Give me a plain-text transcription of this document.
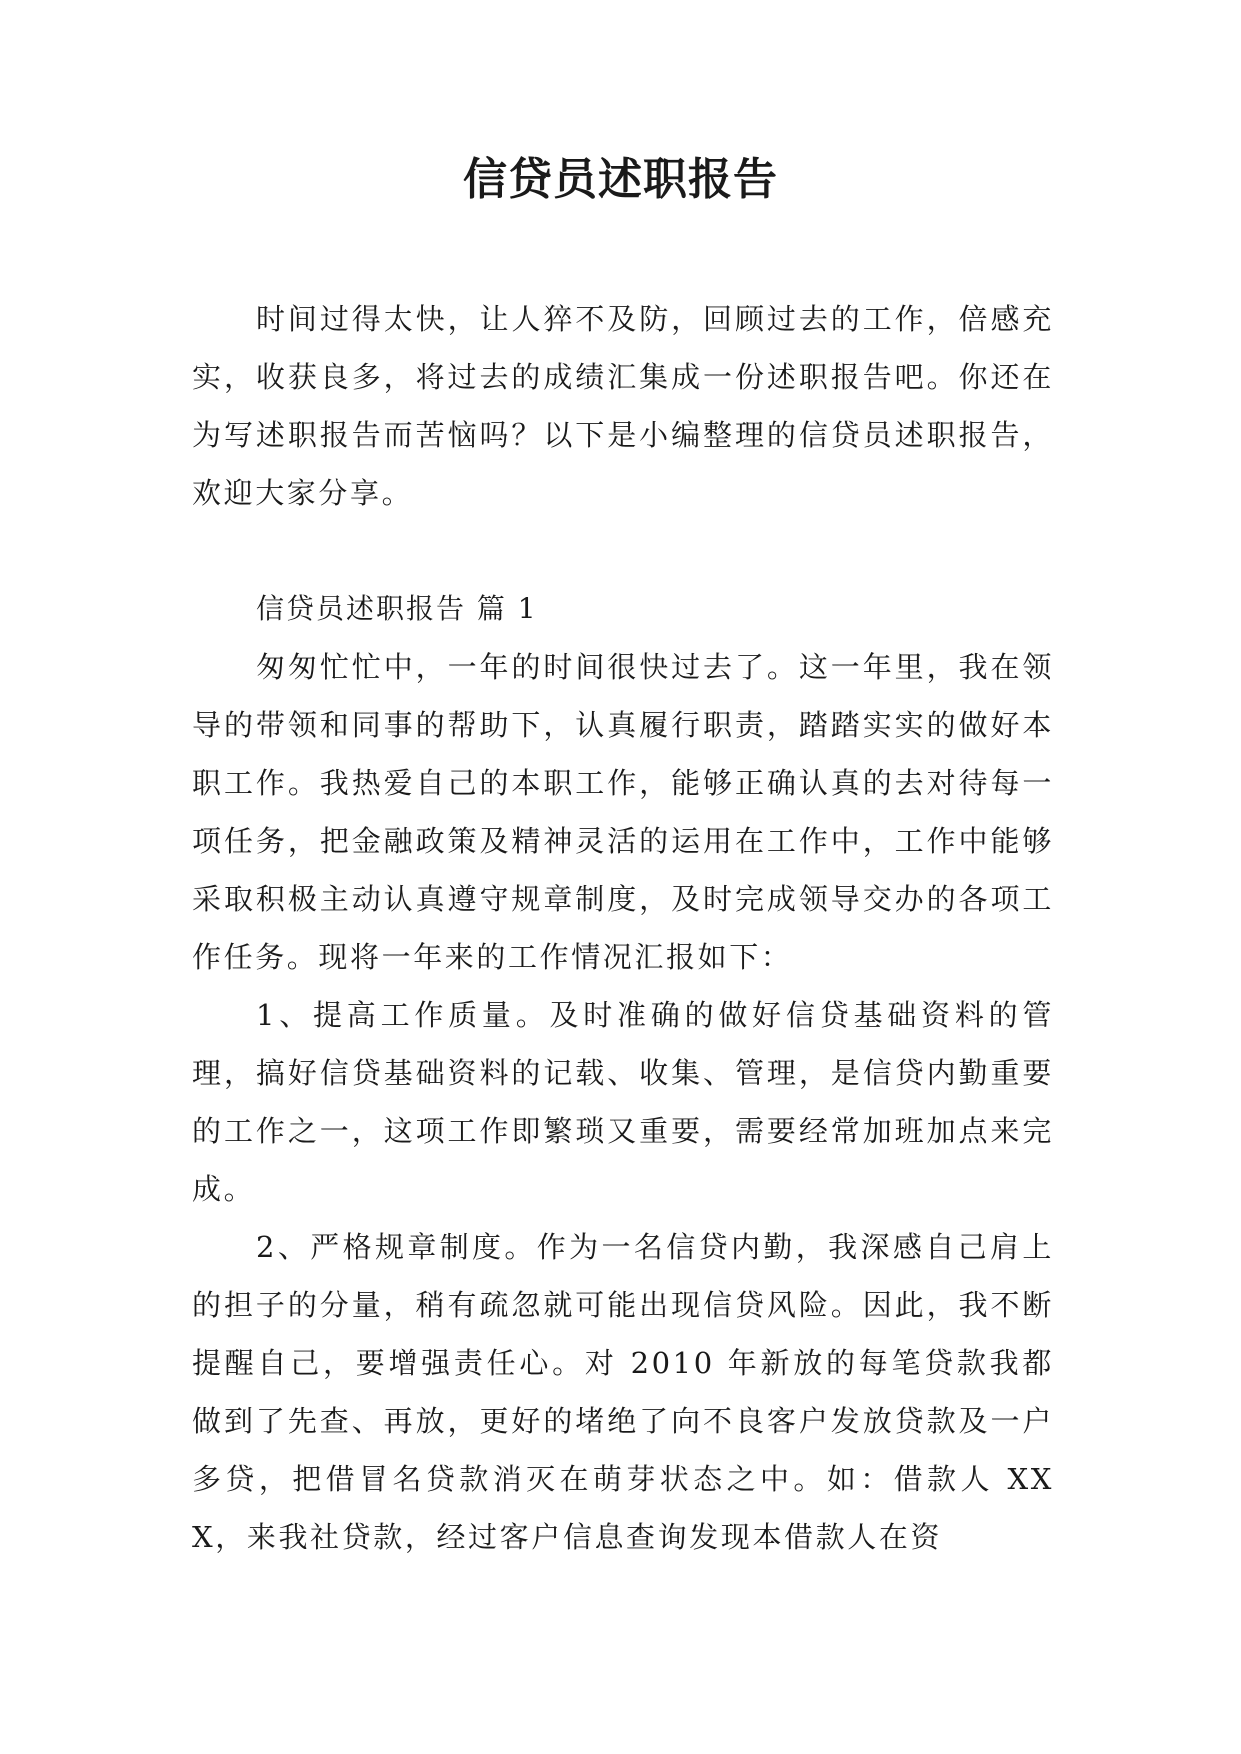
信贷员述职报告

时间过得太快，让人猝不及防，回顾过去的工作，倍感充实，收获良多，将过去的成绩汇集成一份述职报告吧。你还在为写述职报告而苦恼吗？以下是小编整理的信贷员述职报告，欢迎大家分享。

信贷员述职报告 篇 1

匆匆忙忙中，一年的时间很快过去了。这一年里，我在领导的带领和同事的帮助下，认真履行职责，踏踏实实的做好本职工作。我热爱自己的本职工作，能够正确认真的去对待每一项任务，把金融政策及精神灵活的运用在工作中，工作中能够采取积极主动认真遵守规章制度，及时完成领导交办的各项工作任务。现将一年来的工作情况汇报如下：

1、提高工作质量。及时准确的做好信贷基础资料的管理，搞好信贷基础资料的记载、收集、管理，是信贷内勤重要的工作之一，这项工作即繁琐又重要，需要经常加班加点来完成。

2、严格规章制度。作为一名信贷内勤，我深感自己肩上的担子的分量，稍有疏忽就可能出现信贷风险。因此，我不断提醒自己，要增强责任心。对 2010 年新放的每笔贷款我都做到了先查、再放，更好的堵绝了向不良客户发放贷款及一户多贷，把借冒名贷款消灭在萌芽状态之中。如：借款人 XXX，来我社贷款，经过客户信息查询发现本借款人在资
